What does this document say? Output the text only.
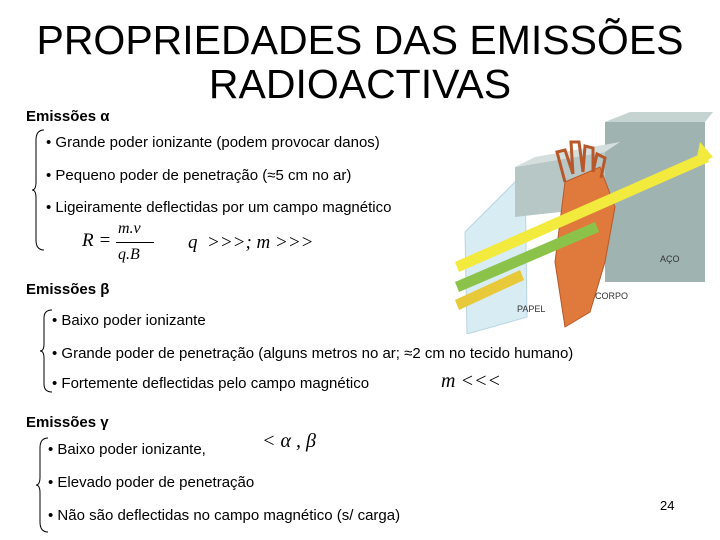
PROPRIEDADES DAS EMISSÕES
RADIOACTIVAS
AÇO
CORPO
PAPEL
Emissões α
• Grande poder ionizante (podem provocar danos)
• Pequeno poder de penetração (≈5 cm no ar)
• Ligeiramente deflectidas por um campo magnético
R =
m.v
q.B
q  >>>; m >>>
Emissões β
• Baixo poder ionizante
• Grande poder de penetração (alguns metros no ar; ≈2 cm no tecido humano)
• Fortemente deflectidas pelo campo magnético	m <<<
Emissões γ
• Baixo poder ionizante,	< α , β
• Elevado poder de penetração
• Não são deflectidas no campo magnético (s/ carga)
24
